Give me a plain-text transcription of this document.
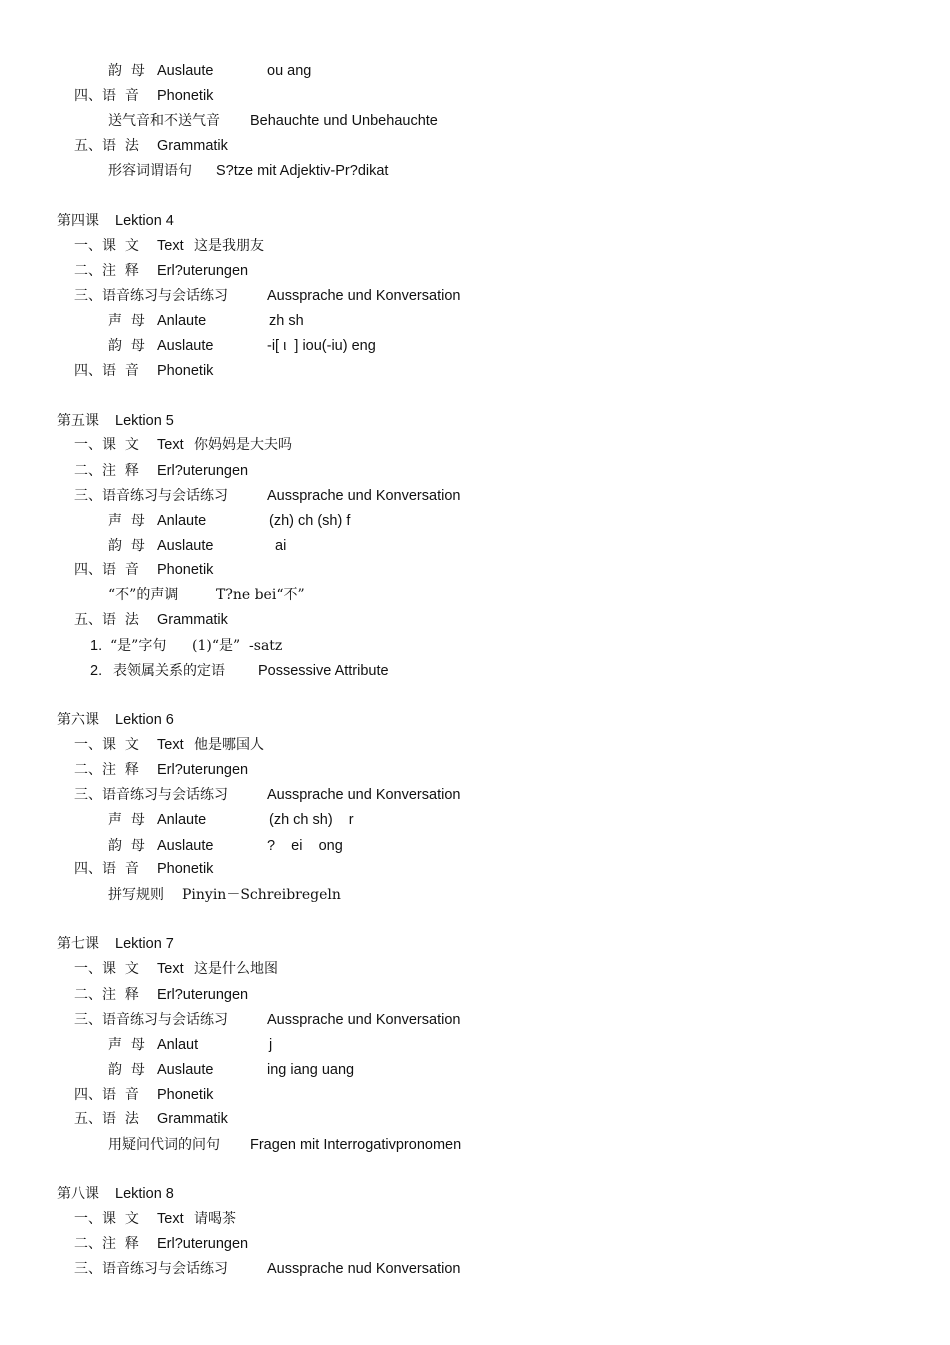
韵  母 Auslaute	ou ang
四、语  音 Phonetik
送气音和不送气音 Behauchte und Unbehauchte
五、语  法 Grammatik
形容词谓语句 S?tze mit Adjektiv-Pr?dikat
第四课 Lektion 4
一、课  文 Text 这是我朋友
二、注  释 Erl?uterungen
三、语音练习与会话练习	Aussprache und Konversation
声  母 Anlaute	zh sh
韵  母 Auslaute	-i[ ι  ] iou(-iu) eng
四、语  音 Phonetik
第五课 Lektion 5
一、课  文 Text 你妈妈是大夫吗
二、注  释 Erl?uterungen
三、语音练习与会话练习	Aussprache und Konversation
声  母 Anlaute	(zh) ch (sh) f
韵  母 Auslaute	ai
四、语  音 Phonetik
“不”的声调	T?ne bei“不”
五、语  法 Grammatik
1. “是”字句 (1)“是”  -satz
2. 表领属关系的定语 Possessive Attribute
第六课 Lektion 6
一、课  文 Text 他是哪国人
二、注  释 Erl?uterungen
三、语音练习与会话练习	Aussprache und Konversation
声  母 Anlaute	(zh ch sh)    r
韵  母 Auslaute	?    ei    ong
四、语  音 Phonetik
拼写规则 Pinyin－Schreibregeln
第七课 Lektion 7
一、课  文 Text 这是什么地图
二、注  释 Erl?uterungen
三、语音练习与会话练习	Aussprache und Konversation
声  母 Anlaut	j
韵  母 Auslaute	ing iang uang
四、语  音 Phonetik
五、语  法 Grammatik
用疑问代词的问句 Fragen mit Interrogativpronomen
第八课 Lektion 8
一、课  文 Text 请喝茶
二、注  释 Erl?uterungen
三、语音练习与会话练习	Aussprache nud Konversation
